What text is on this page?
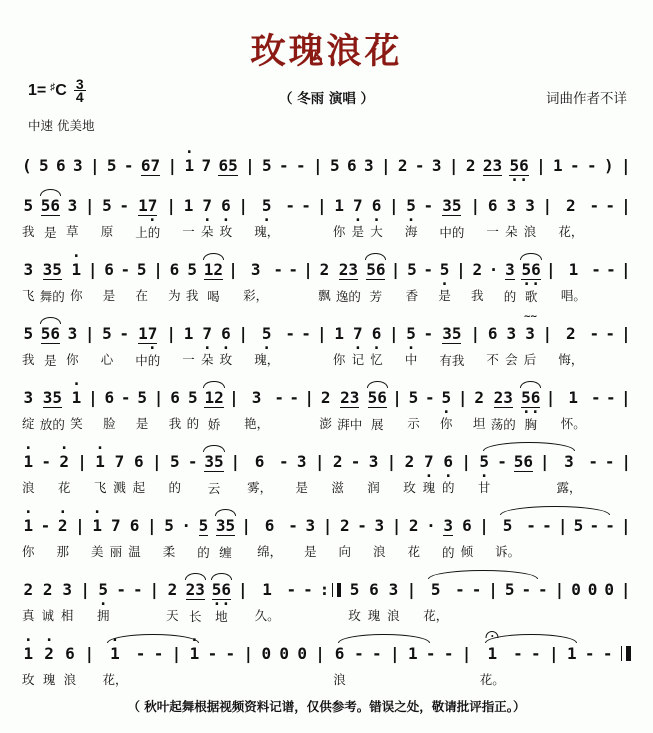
玫瑰浪花
1= ♯ C $\frac{3}{4}$	（ 冬雨 演唱 ）	词曲作者不详
中速 优美地
( 5 6 3 | 5 - 67 | 1
·
7 65 | 5 - - | 5 6 3 | 2 - 3 | 2 23 56
··
| 1 - - ) |
5
我
56
是
3
草
| 5
原
- 17
·
上的
| 1
一
7
·
朵
6
·
玫
| 5
·
瑰，
- - | 1
你
7
·
是
6
·
大
| 5
·
海
- 35
中的
| 6
一
3
朵
3
浪
| 2
花，
- - |
3
飞
35
舞的
1
·
你
| 6
是
- 5
在
| 6
为
5
我
12
喝
| 3
彩，
- - | 2
飘
23
逸的
56
芳
| 5
香
- 5
·
是
| 2
我
· 3
的
56
··
歌
| 1
唱。
- - |
5
我
56
是
3
你
| 5
心
- 17
·
中的
| 1
一
7
·
朵
6
·
玫
| 5
·
瑰，
- - | 1
你
7
·
记
6
·
忆
| 5
·
中
- 35
有我
| 6
不
3
会
3
∼∼
后
| 2
悔，
- - |
3
绽
35
放的
1
·
笑
| 6
脸
- 5
是
| 6
我
5
的
12
娇
| 3
艳，
- - | 2
澎
23
湃中
56
展
| 5
示
- 5
·
你
| 2
坦
23
荡的
56
··
胸
| 1
怀。
- - |
1
·
浪
- 2
·
花
| 1
·
飞
7
溅
6
起
| 5
的
- 35
云
| 6
雾，
- 3
是
| 2
滋
- 3
润
| 2
玫
7
·
瑰
6
·
的
| 5
·
甘
- 56 | 3
露，
- - |
1
·
你
- 2
·
那
| 1
·
美
7
丽
6
温
| 5
柔
· 5
的
35
缠
| 6
绵，
- 3
是
| 2
向
- 3
浪
| 2
花
· 3
的
6
倾
| 5
诉。
- - | 5 - - |
2
真
2
诚
3
相
| 5
·
拥
- - | 2
天
23
长
56
··
地
| 1
久。
- - :	5
玫
6
瑰
3
浪
| 5
花，
- - | 5 - - | 0 0 0 |
1
·
玫
2
·
瑰
6
浪
| 1
·
花，
- - | 1
·
- - | 0 0 0 | 6
浪
- - | 1 - - | 1
花。
- - | 1 - -
（ 秋叶起舞根据视频资料记谱，仅供参考。错误之处，敬请批评指正。）
